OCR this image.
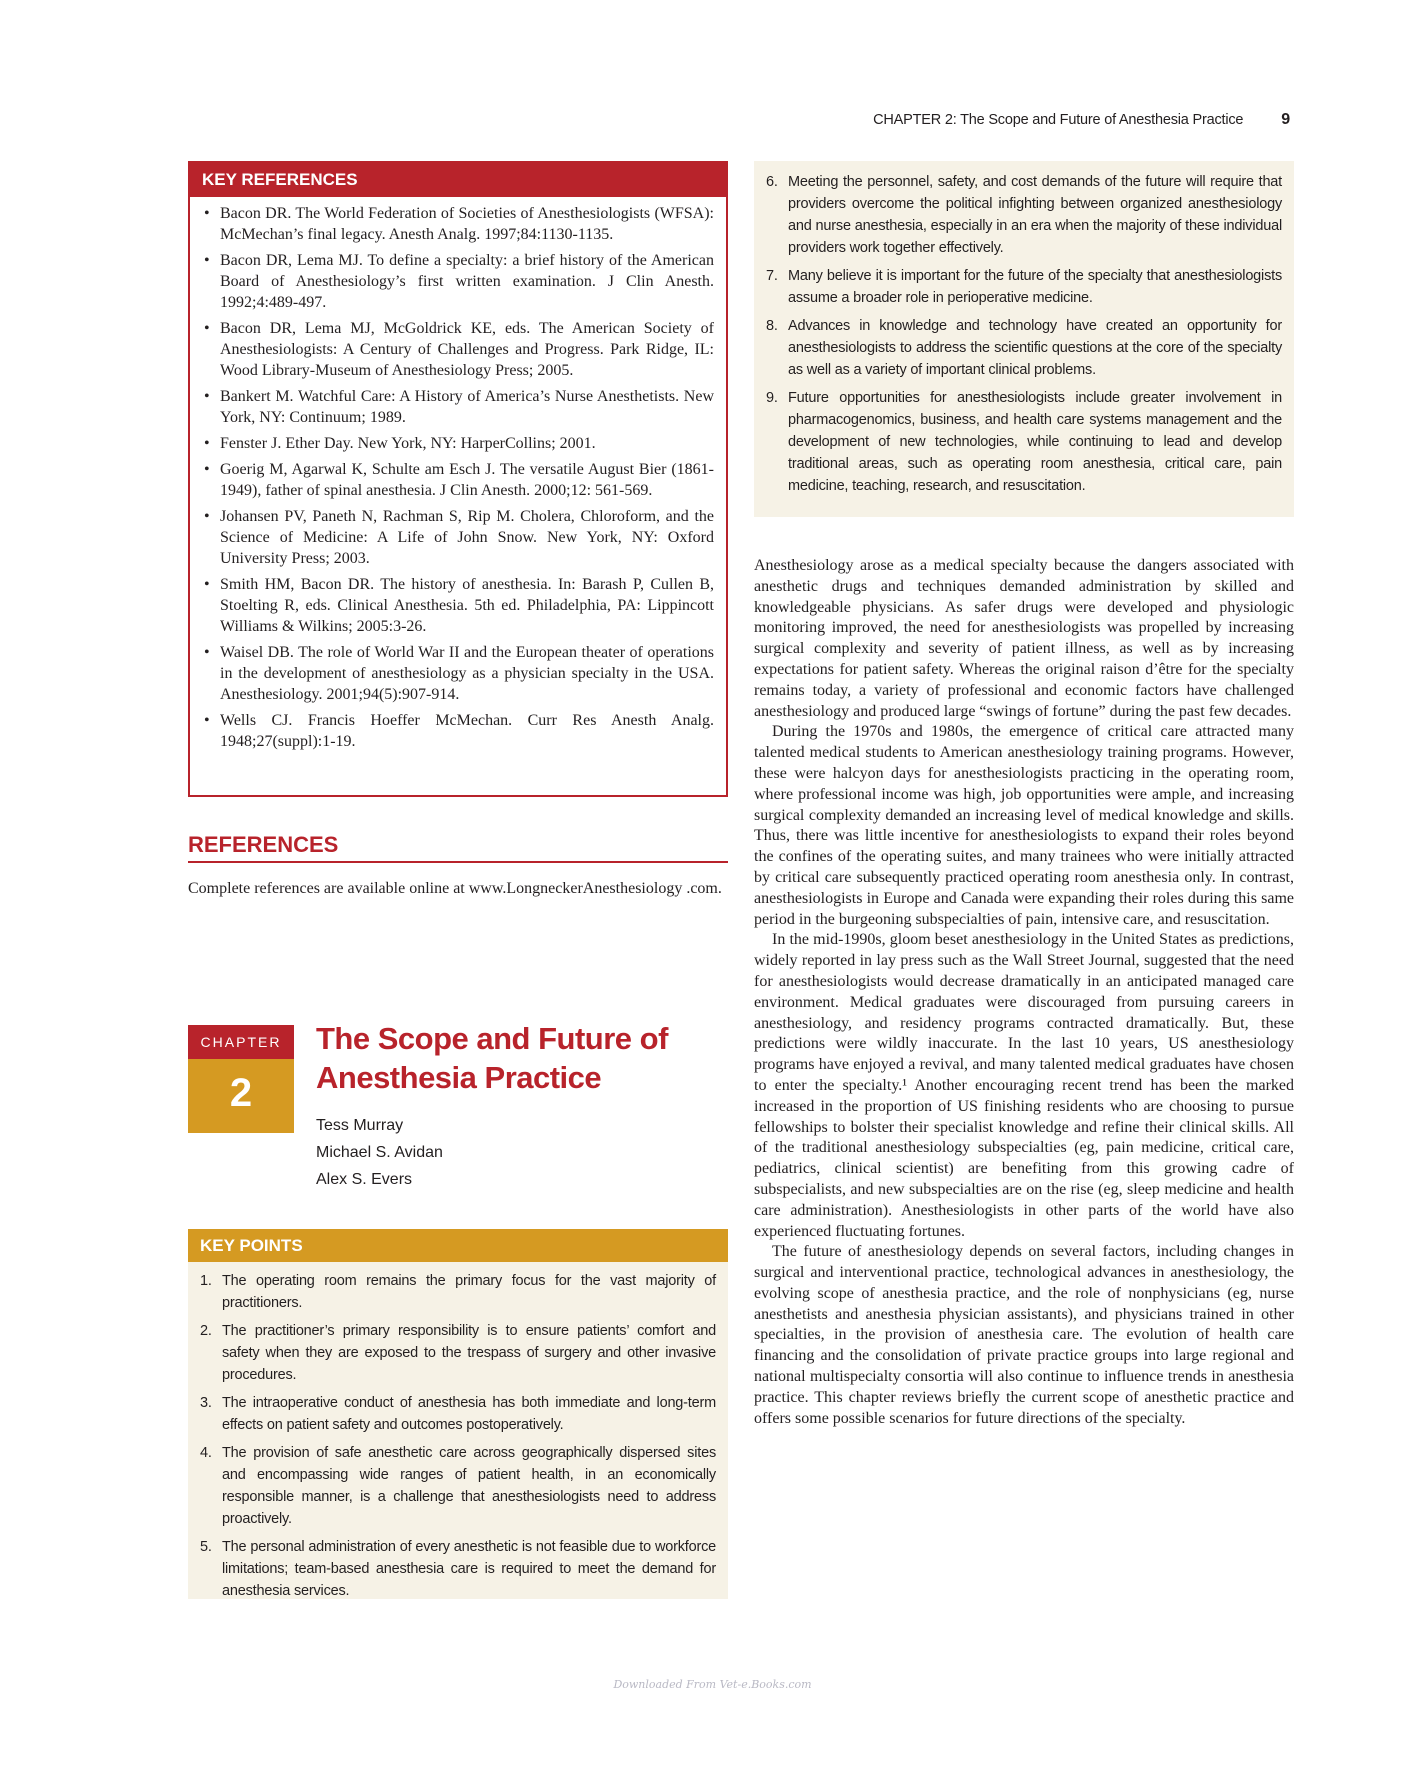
CHAPTER 2: The Scope and Future of Anesthesia Practice 9
KEY REFERENCES
• Bacon DR. The World Federation of Societies of Anesthesiologists (WFSA): McMechan’s final legacy. Anesth Analg. 1997;84:1130-1135.
• Bacon DR, Lema MJ. To define a specialty: a brief history of the American Board of Anesthesiology’s first written examination. J Clin Anesth. 1992;4:489-497.
• Bacon DR, Lema MJ, McGoldrick KE, eds. The American Society of Anesthesiologists: A Century of Challenges and Progress. Park Ridge, IL: Wood Library-Museum of Anesthesiology Press; 2005.
• Bankert M. Watchful Care: A History of America’s Nurse Anesthetists. New York, NY: Continuum; 1989.
• Fenster J. Ether Day. New York, NY: HarperCollins; 2001.
• Goerig M, Agarwal K, Schulte am Esch J. The versatile August Bier (1861-1949), father of spinal anesthesia. J Clin Anesth. 2000;12: 561-569.
• Johansen PV, Paneth N, Rachman S, Rip M. Cholera, Chloroform, and the Science of Medicine: A Life of John Snow. New York, NY: Oxford University Press; 2003.
• Smith HM, Bacon DR. The history of anesthesia. In: Barash P, Cullen B, Stoelting R, eds. Clinical Anesthesia. 5th ed. Philadelphia, PA: Lippincott Williams & Wilkins; 2005:3-26.
• Waisel DB. The role of World War II and the European theater of operations in the development of anesthesiology as a physician specialty in the USA. Anesthesiology. 2001;94(5):907-914.
• Wells CJ. Francis Hoeffer McMechan. Curr Res Anesth Analg. 1948;27(suppl):1-19.
REFERENCES
Complete references are available online at www.LongneckerAnesthesiology .com.
CHAPTER
2
The Scope and Future of Anesthesia Practice
Tess Murray
Michael S. Avidan
Alex S. Evers
KEY POINTS
1. The operating room remains the primary focus for the vast majority of practitioners.
2. The practitioner’s primary responsibility is to ensure patients’ comfort and safety when they are exposed to the trespass of surgery and other invasive procedures.
3. The intraoperative conduct of anesthesia has both immediate and long-term effects on patient safety and outcomes postoperatively.
4. The provision of safe anesthetic care across geographically dispersed sites and encompassing wide ranges of patient health, in an economically responsible manner, is a challenge that anesthesiologists need to address proactively.
5. The personal administration of every anesthetic is not feasible due to workforce limitations; team-based anesthesia care is required to meet the demand for anesthesia services.
6. Meeting the personnel, safety, and cost demands of the future will require that providers overcome the political infighting between organized anesthesiology and nurse anesthesia, especially in an era when the majority of these individual providers work together effectively.
7. Many believe it is important for the future of the specialty that anesthesiologists assume a broader role in perioperative medicine.
8. Advances in knowledge and technology have created an opportunity for anesthesiologists to address the scientific questions at the core of the specialty as well as a variety of important clinical problems.
9. Future opportunities for anesthesiologists include greater involvement in pharmacogenomics, business, and health care systems management and the development of new technologies, while continuing to lead and develop traditional areas, such as operating room anesthesia, critical care, pain medicine, teaching, research, and resuscitation.

Anesthesiology arose as a medical specialty because the dangers associated with anesthetic drugs and techniques demanded administration by skilled and knowledgeable physicians. As safer drugs were developed and physiologic monitoring improved, the need for anesthesiologists was propelled by increasing surgical complexity and severity of patient illness, as well as by increasing expectations for patient safety. Whereas the original raison d’être for the specialty remains today, a variety of professional and economic factors have challenged anesthesiology and produced large “swings of fortune” during the past few decades.

During the 1970s and 1980s, the emergence of critical care attracted many talented medical students to American anesthesiology training programs. However, these were halcyon days for anesthesiologists practicing in the operating room, where professional income was high, job opportunities were ample, and increasing surgical complexity demanded an increasing level of medical knowledge and skills. Thus, there was little incentive for anesthesiologists to expand their roles beyond the confines of the operating suites, and many trainees who were initially attracted by critical care subsequently practiced operating room anesthesia only. In contrast, anesthesiologists in Europe and Canada were expanding their roles during this same period in the burgeoning subspecialties of pain, intensive care, and resuscitation.

In the mid-1990s, gloom beset anesthesiology in the United States as predictions, widely reported in lay press such as the Wall Street Journal, suggested that the need for anesthesiologists would decrease dramatically in an anticipated managed care environment. Medical graduates were discouraged from pursuing careers in anesthesiology, and residency programs contracted dramatically. But, these predictions were wildly inaccurate. In the last 10 years, US anesthesiology programs have enjoyed a revival, and many talented medical graduates have chosen to enter the specialty.¹ Another encouraging recent trend has been the marked increased in the proportion of US finishing residents who are choosing to pursue fellowships to bolster their specialist knowledge and refine their clinical skills. All of the traditional anesthesiology subspecialties (eg, pain medicine, critical care, pediatrics, clinical scientist) are benefiting from this growing cadre of subspecialists, and new subspecialties are on the rise (eg, sleep medicine and health care administration). Anesthesiologists in other parts of the world have also experienced fluctuating fortunes.

The future of anesthesiology depends on several factors, including changes in surgical and interventional practice, technological advances in anesthesiology, the evolving scope of anesthesia practice, and the role of nonphysicians (eg, nurse anesthetists and anesthesia physician assistants), and physicians trained in other specialties, in the provision of anesthesia care. The evolution of health care financing and the consolidation of private practice groups into large regional and national multispecialty consortia will also continue to influence trends in anesthesia practice. This chapter reviews briefly the current scope of anesthetic practice and offers some possible scenarios for future directions of the specialty.

Downloaded From Vet-e.Books.com
